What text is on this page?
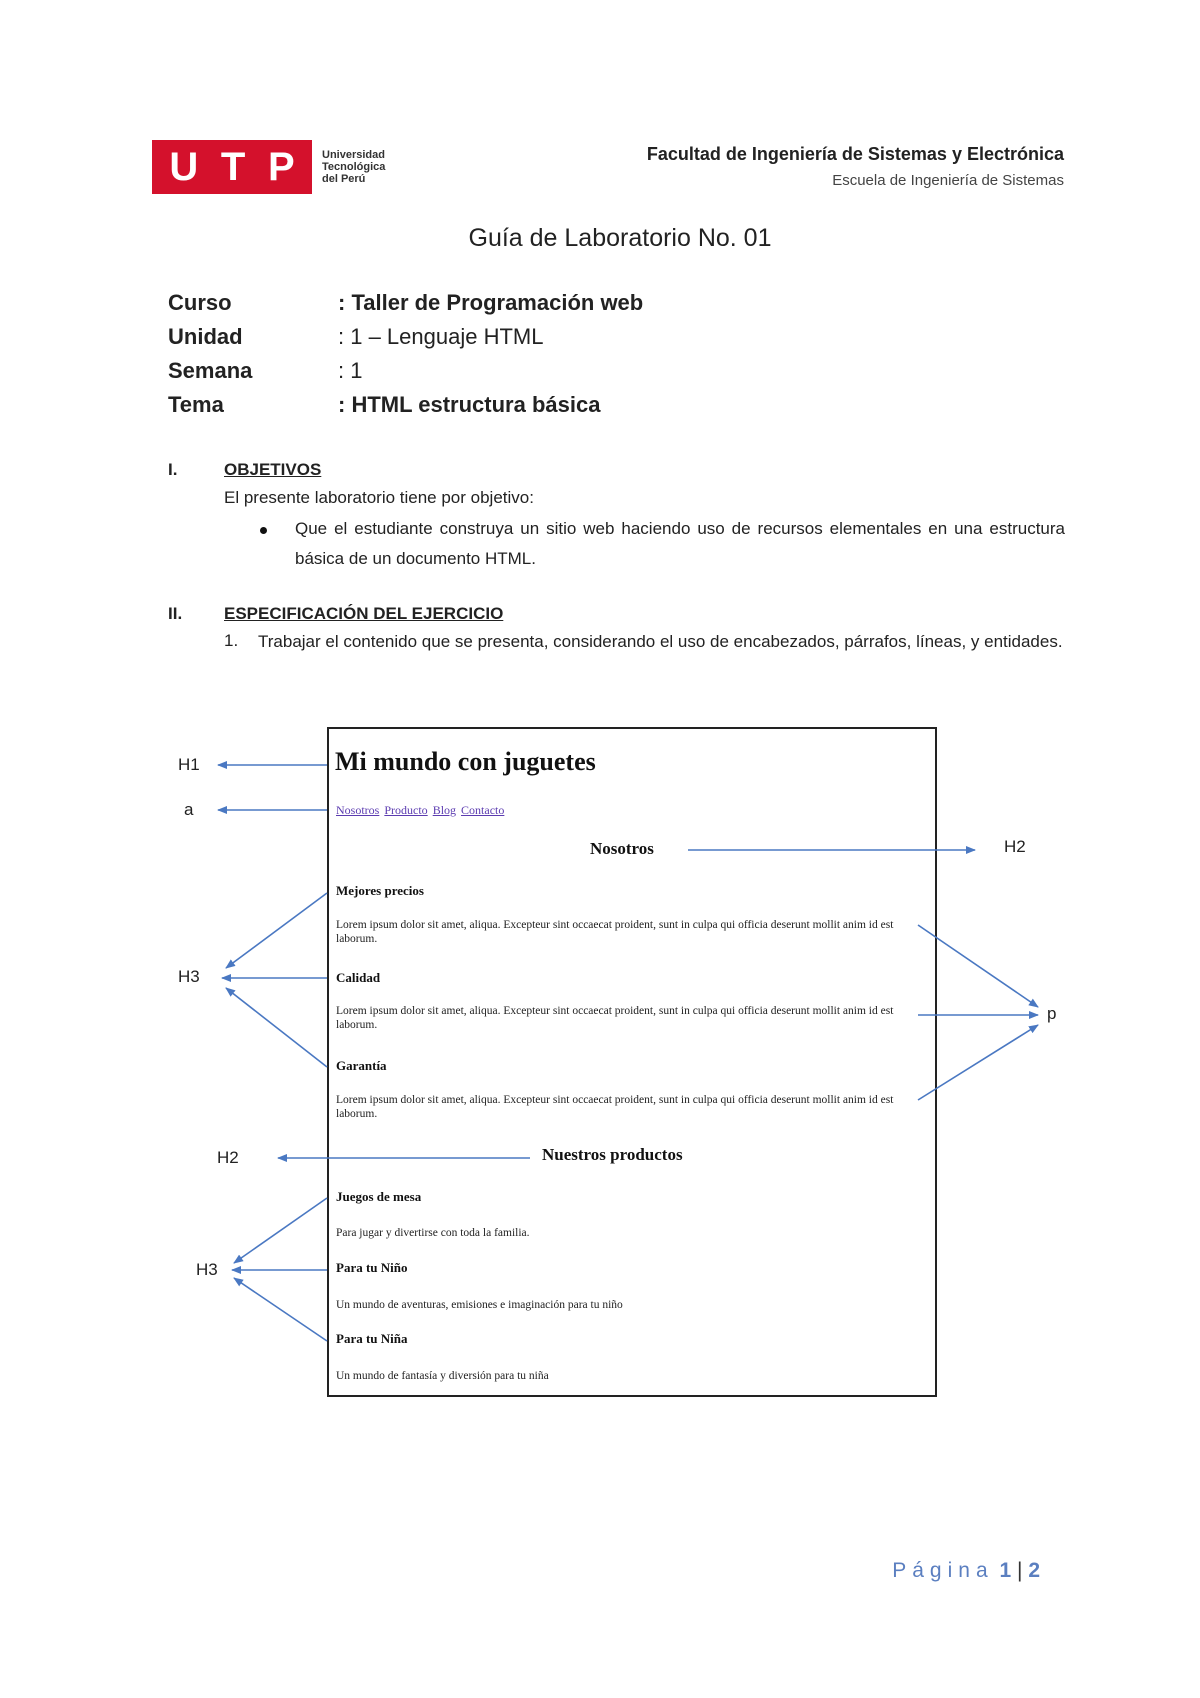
U T P Universidad
Tecnológica
del Perú
Facultad de Ingeniería de Sistemas y Electrónica
Escuela de Ingeniería de Sistemas
Guía de Laboratorio No. 01
Curso	: Taller de Programación web
Unidad	: 1 – Lenguaje HTML
Semana	: 1
Tema	: HTML estructura básica
I.	OBJETIVOS
El presente laboratorio tiene por objetivo:
Que el estudiante construya un sitio web haciendo uso de recursos elementales en una estructura básica de un documento HTML.
II. ESPECIFICACIÓN DEL EJERCICIO
1. Trabajar el contenido que se presenta, considerando el uso de encabezados, párrafos, líneas, y entidades.
Mi mundo con juguetes
Nosotros Producto Blog Contacto
Nosotros
Mejores precios
Lorem ipsum dolor sit amet, aliqua. Excepteur sint occaecat proident, sunt in culpa qui officia deserunt mollit anim id est laborum.
Calidad
Lorem ipsum dolor sit amet, aliqua. Excepteur sint occaecat proident, sunt in culpa qui officia deserunt mollit anim id est laborum.
Garantía
Lorem ipsum dolor sit amet, aliqua. Excepteur sint occaecat proident, sunt in culpa qui officia deserunt mollit anim id est laborum.
Nuestros productos
Juegos de mesa
Para jugar y divertirse con toda la familia.
Para tu Niño
Un mundo de aventuras, emisiones e imaginación para tu niño
Para tu Niña
Un mundo de fantasía y diversión para tu niña
H1
a
H2
H3
p
H2
H3
Página 1 | 2
